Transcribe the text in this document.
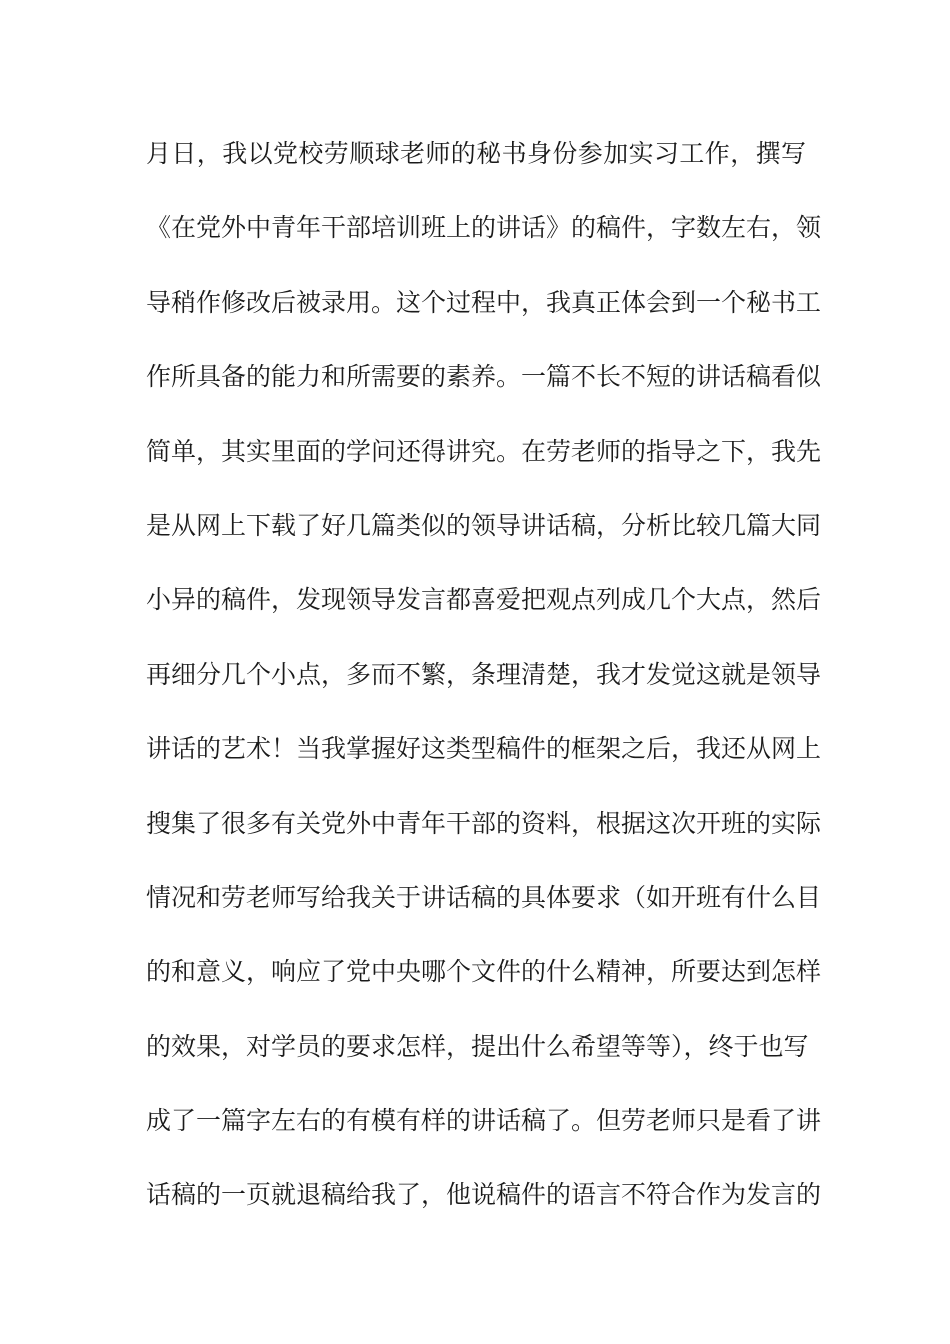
月日，我以党校劳顺球老师的秘书身份参加实习工作，撰写
《在党外中青年干部培训班上的讲话》的稿件，字数左右，领
导稍作修改后被录用。这个过程中，我真正体会到一个秘书工
作所具备的能力和所需要的素养。一篇不长不短的讲话稿看似
简单，其实里面的学问还得讲究。在劳老师的指导之下，我先
是从网上下载了好几篇类似的领导讲话稿，分析比较几篇大同
小异的稿件，发现领导发言都喜爱把观点列成几个大点，然后
再细分几个小点，多而不繁，条理清楚，我才发觉这就是领导
讲话的艺术！当我掌握好这类型稿件的框架之后，我还从网上
搜集了很多有关党外中青年干部的资料，根据这次开班的实际
情况和劳老师写给我关于讲话稿的具体要求（如开班有什么目
的和意义，响应了党中央哪个文件的什么精神，所要达到怎样
的效果，对学员的要求怎样，提出什么希望等等），终于也写
成了一篇字左右的有模有样的讲话稿了。但劳老师只是看了讲
话稿的一页就退稿给我了，他说稿件的语言不符合作为发言的
